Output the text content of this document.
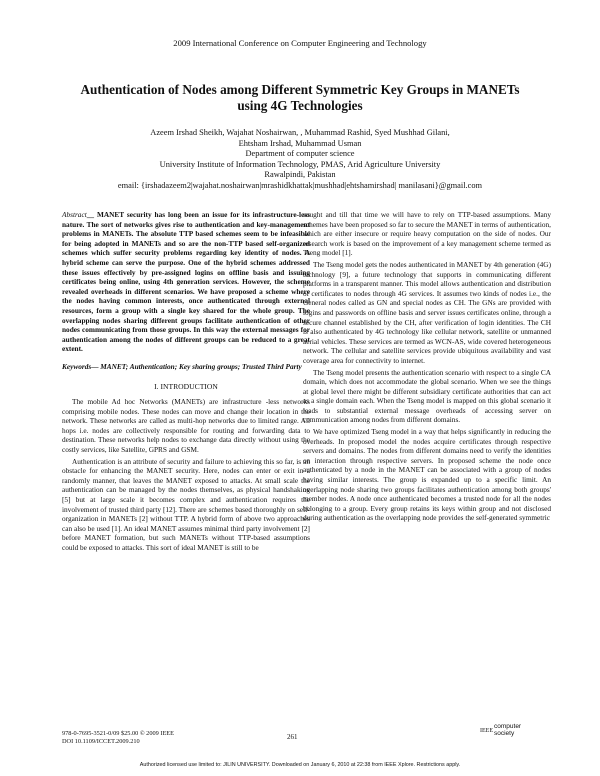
2009 International Conference on Computer Engineering and Technology
Authentication of Nodes among Different Symmetric Key Groups in MANETs
using 4G Technologies
Azeem Irshad Sheikh, Wajahat Noshairwan, , Muhammad Rashid, Syed Mushhad Gilani,
Ehtsham Irshad, Muhammad Usman
Department of computer science
University Institute of Information Technology, PMAS, Arid Agriculture University
Rawalpindi, Pakistan
email: {irshadazeem2|wajahat.noshairwan|mrashidkhattak|mushhad|ehtshamirshad| manilasani}@gmail.com

Abstract__ MANET security has long been an issue for its infrastructure-less nature. The sort of networks gives rise to authentication and key-management problems in MANETs. The absolute TTP based schemes seem to be infeasible for being adopted in MANETs and so are the non-TTP based self-organized schemes which suffer security problems regarding key identity of nodes. A hybrid scheme can serve the purpose. One of the hybrid schemes addressed these issues effectively by pre-assigned logins on offline basis and issuing certificates being online, using 4th generation services. However, the scheme revealed overheads in different scenarios. We have proposed a scheme where the nodes having common interests, once authenticated through external resources, form a group with a single key shared for the whole group. The overlapping nodes sharing different groups facilitate authentication of other nodes communicating from those groups. In this way the external messages for authentication among the nodes of different groups can be reduced to a great extent.

Keywords— MANET; Authentication; Key sharing groups; Trusted Third Party

I. INTRODUCTION

The mobile Ad hoc Networks (MANETs) are infrastructure -less networks comprising mobile nodes. These nodes can move and change their location in the network. These networks are called as multi-hop networks due to limited range. All hops i.e. nodes are collectively responsible for routing and forwarding data to destination. These networks help nodes to exchange data directly without using the costly services, like Satellite, GPRS and GSM.

Authentication is an attribute of security and failure to achieving this so far, is an obstacle for enhancing the MANET security. Here, nodes can enter or exit in a randomly manner, that leaves the MANET exposed to attacks. At small scale the authentication can be managed by the nodes themselves, as physical handshaking [5] but at large scale it becomes complex and authentication requires the involvement of trusted third party [12]. There are schemes based thoroughly on self-organization in MANETs [2] without TTP. A hybrid form of above two approaches can also be used [1]. An ideal MANET assumes minimal third party involvement [2] before MANET formation, but such MANETs without TTP-based assumptions could be exposed to attacks. This sort of ideal MANET is still to be

sought and till that time we will have to rely on TTP-based assumptions. Many schemes have been proposed so far to secure the MANET in terms of authentication, which are either insecure or require heavy computation on the side of nodes. Our research work is based on the improvement of a key management scheme termed as Tseng model [1].

The Tseng model gets the nodes authenticated in MANET by 4th generation (4G) technology [9], a future technology that supports in communicating different platforms in a transparent manner. This model allows authentication and distribution of certificates to nodes through 4G services. It assumes two kinds of nodes i.e., the General nodes called as GN and special nodes as CH. The GNs are provided with logins and passwords on offline basis and server issues certificates online, through a secure channel established by the CH, after verification of login identities. The CH is also authenticated by 4G technology like cellular network, satellite or unmanned aerial vehicles. These services are termed as WCN-AS, wide covered heterogeneous network. The cellular and satellite services provide ubiquitous availability and vast coverage area for connectivity to internet.

The Tseng model presents the authentication scenario with respect to a single CA domain, which does not accommodate the global scenario. When we see the things at global level there might be different subsidiary certificate authorities that can act as a single domain each. When the Tseng model is mapped on this global scenario it leads to substantial external message overheads of accessing server on communication among nodes from different domains.

We have optimized Tseng model in a way that helps significantly in reducing the overheads. In proposed model the nodes acquire certificates through respective servers and domains. The nodes from different domains need to verify the identities on interaction through respective servers. In proposed scheme the node once authenticated by a node in the MANET can be associated with a group of nodes having similar interests. The group is expanded up to a specific limit. An overlapping node sharing two groups facilitates authentication among both groups' member nodes. A node once authenticated becomes a trusted node for all the nodes belonging to a group. Every group retains its keys within group and not disclosed during authentication as the overlapping node provides the self-generated symmetric

978-0-7695-3521-0/09 $25.00 © 2009 IEEE
DOI 10.1109/ICCET.2009.210
261
IEEE
computer
society
Authorized licensed use limited to: JILIN UNIVERSITY. Downloaded on January 6, 2010 at 22:38 from IEEE Xplore. Restrictions apply.
